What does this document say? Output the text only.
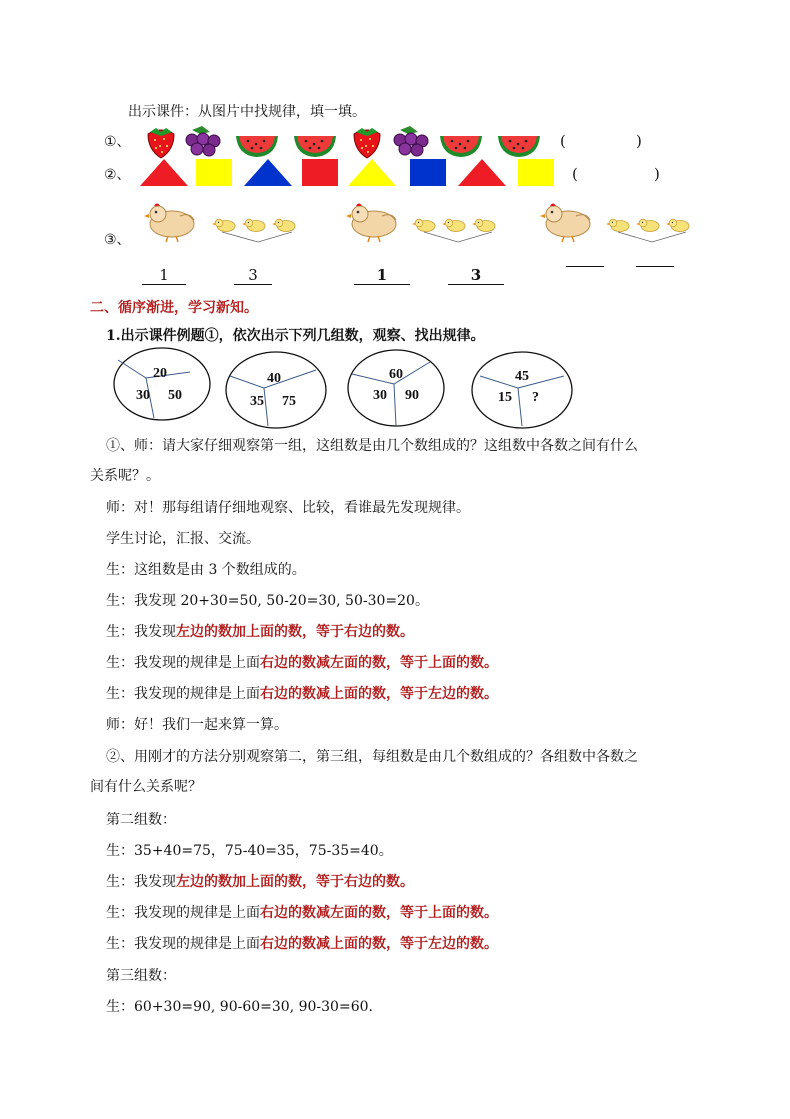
出示课件：从图片中找规律，填一填。
①、	(	)
②、	(	)
③、
1	3	1	3
二、循序渐进，学习新知。
1.出示课件例题①，依次出示下列几组数，观察、找出规律。
20
30 50
40
35 75
60
30 90
45
15 ?
①、师：请大家仔细观察第一组，这组数是由几个数组成的？这组数中各数之间有什么
关系呢？。
师：对！那每组请仔细地观察、比较，看谁最先发现规律。
学生讨论，汇报、交流。
生：这组数是由 3 个数组成的。
生：我发现 20+30=50, 50-20=30, 50-30=20。
生：我发现左边的数加上面的数，等于右边的数。
生：我发现的规律是上面右边的数减左面的数，等于上面的数。
生：我发现的规律是上面右边的数减上面的数，等于左边的数。
师：好！我们一起来算一算。
②、用刚才的方法分别观察第二，第三组，每组数是由几个数组成的？各组数中各数之
间有什么关系呢？
第二组数：
生：35+40=75，75-40=35，75-35=40。
生：我发现左边的数加上面的数，等于右边的数。
生：我发现的规律是上面右边的数减左面的数，等于上面的数。
生：我发现的规律是上面右边的数减上面的数，等于左边的数。
第三组数：
生：60+30=90, 90-60=30, 90-30=60.
